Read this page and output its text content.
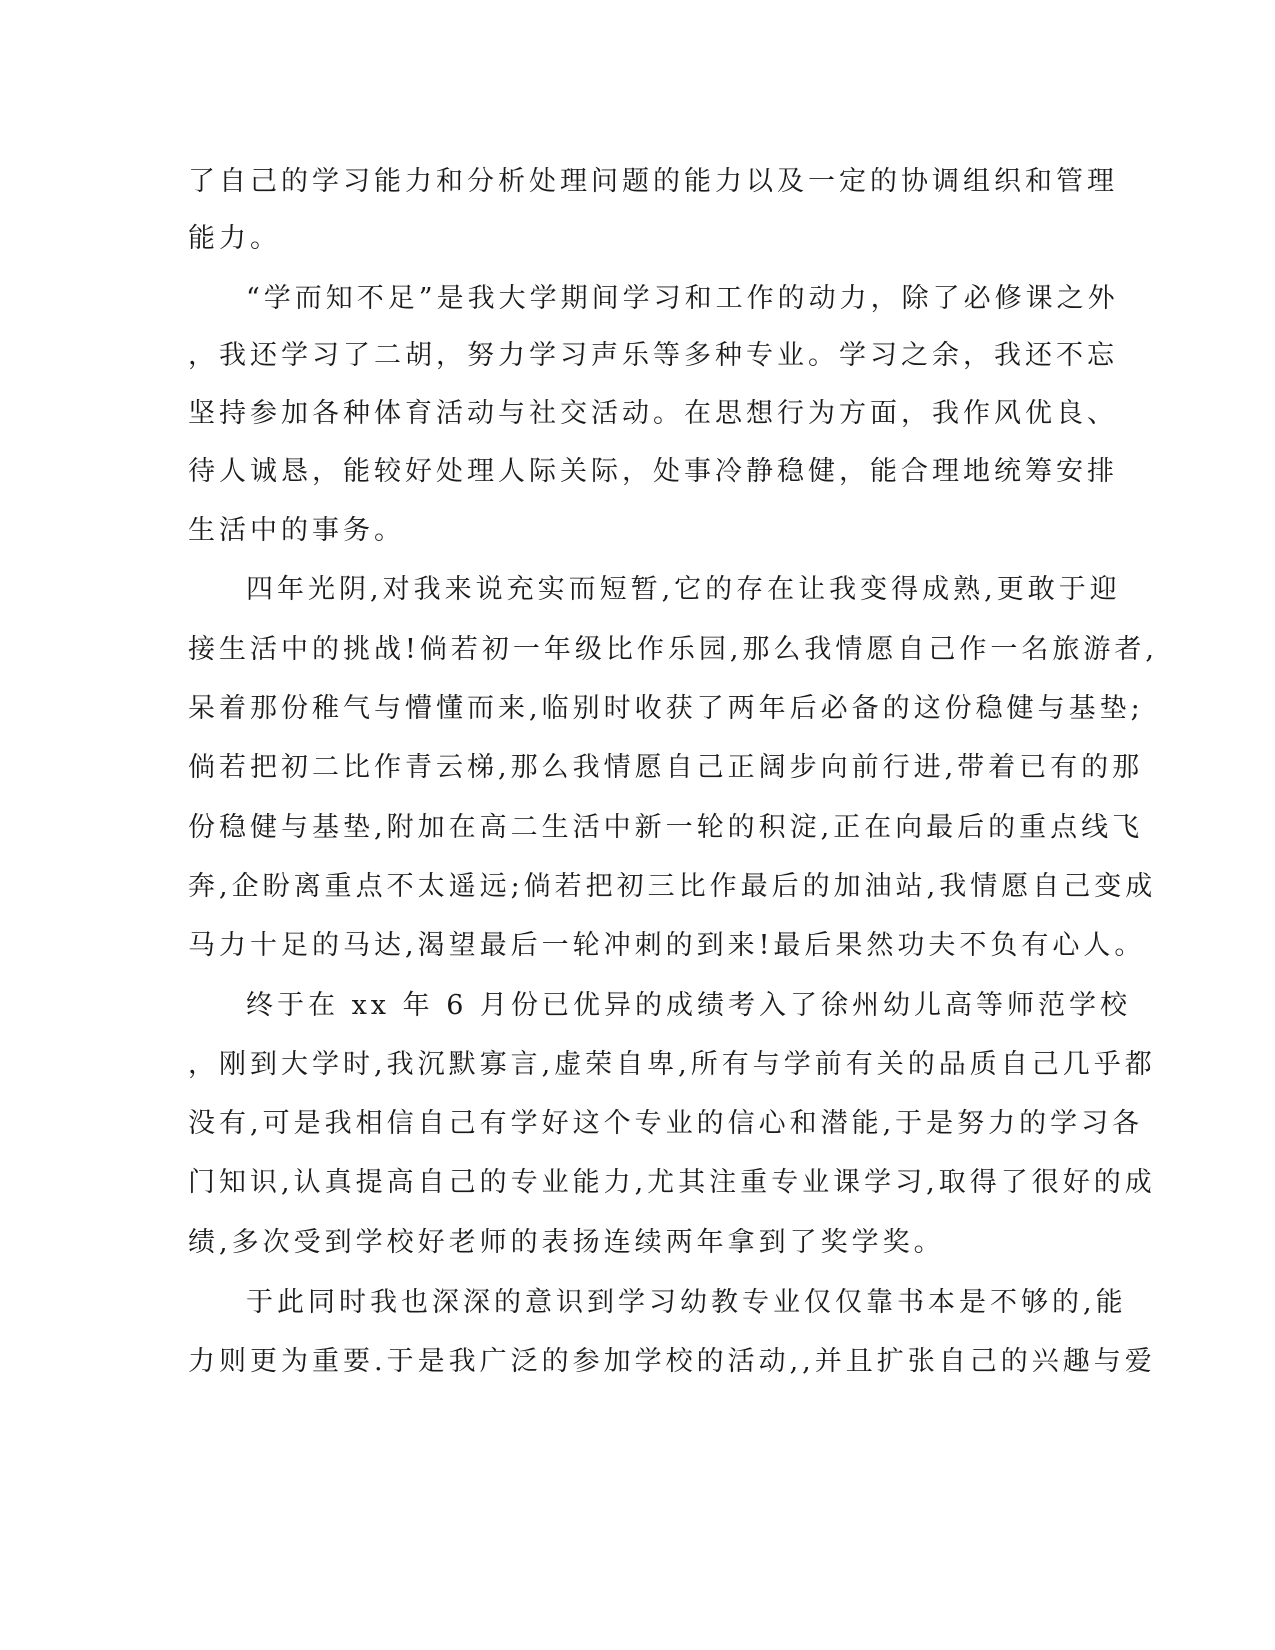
了自己的学习能力和分析处理问题的能力以及一定的协调组织和管理
能力。
“学而知不足”是我大学期间学习和工作的动力，除了必修课之外
，我还学习了二胡，努力学习声乐等多种专业。学习之余，我还不忘
坚持参加各种体育活动与社交活动。在思想行为方面，我作风优良、
待人诚恳，能较好处理人际关际，处事冷静稳健，能合理地统筹安排
生活中的事务。
四年光阴,对我来说充实而短暂,它的存在让我变得成熟,更敢于迎
接生活中的挑战!倘若初一年级比作乐园,那么我情愿自己作一名旅游者,
呆着那份稚气与懵懂而来,临别时收获了两年后必备的这份稳健与基垫;
倘若把初二比作青云梯,那么我情愿自己正阔步向前行进,带着已有的那
份稳健与基垫,附加在高二生活中新一轮的积淀,正在向最后的重点线飞
奔,企盼离重点不太遥远;倘若把初三比作最后的加油站,我情愿自己变成
马力十足的马达,渴望最后一轮冲刺的到来!最后果然功夫不负有心人。
终于在 xx 年 6 月份已优异的成绩考入了徐州幼儿高等师范学校
，刚到大学时,我沉默寡言,虚荣自卑,所有与学前有关的品质自己几乎都
没有,可是我相信自己有学好这个专业的信心和潜能,于是努力的学习各
门知识,认真提高自己的专业能力,尤其注重专业课学习,取得了很好的成
绩,多次受到学校好老师的表扬连续两年拿到了奖学奖。
于此同时我也深深的意识到学习幼教专业仅仅靠书本是不够的,能
力则更为重要.于是我广泛的参加学校的活动,,并且扩张自己的兴趣与爱
